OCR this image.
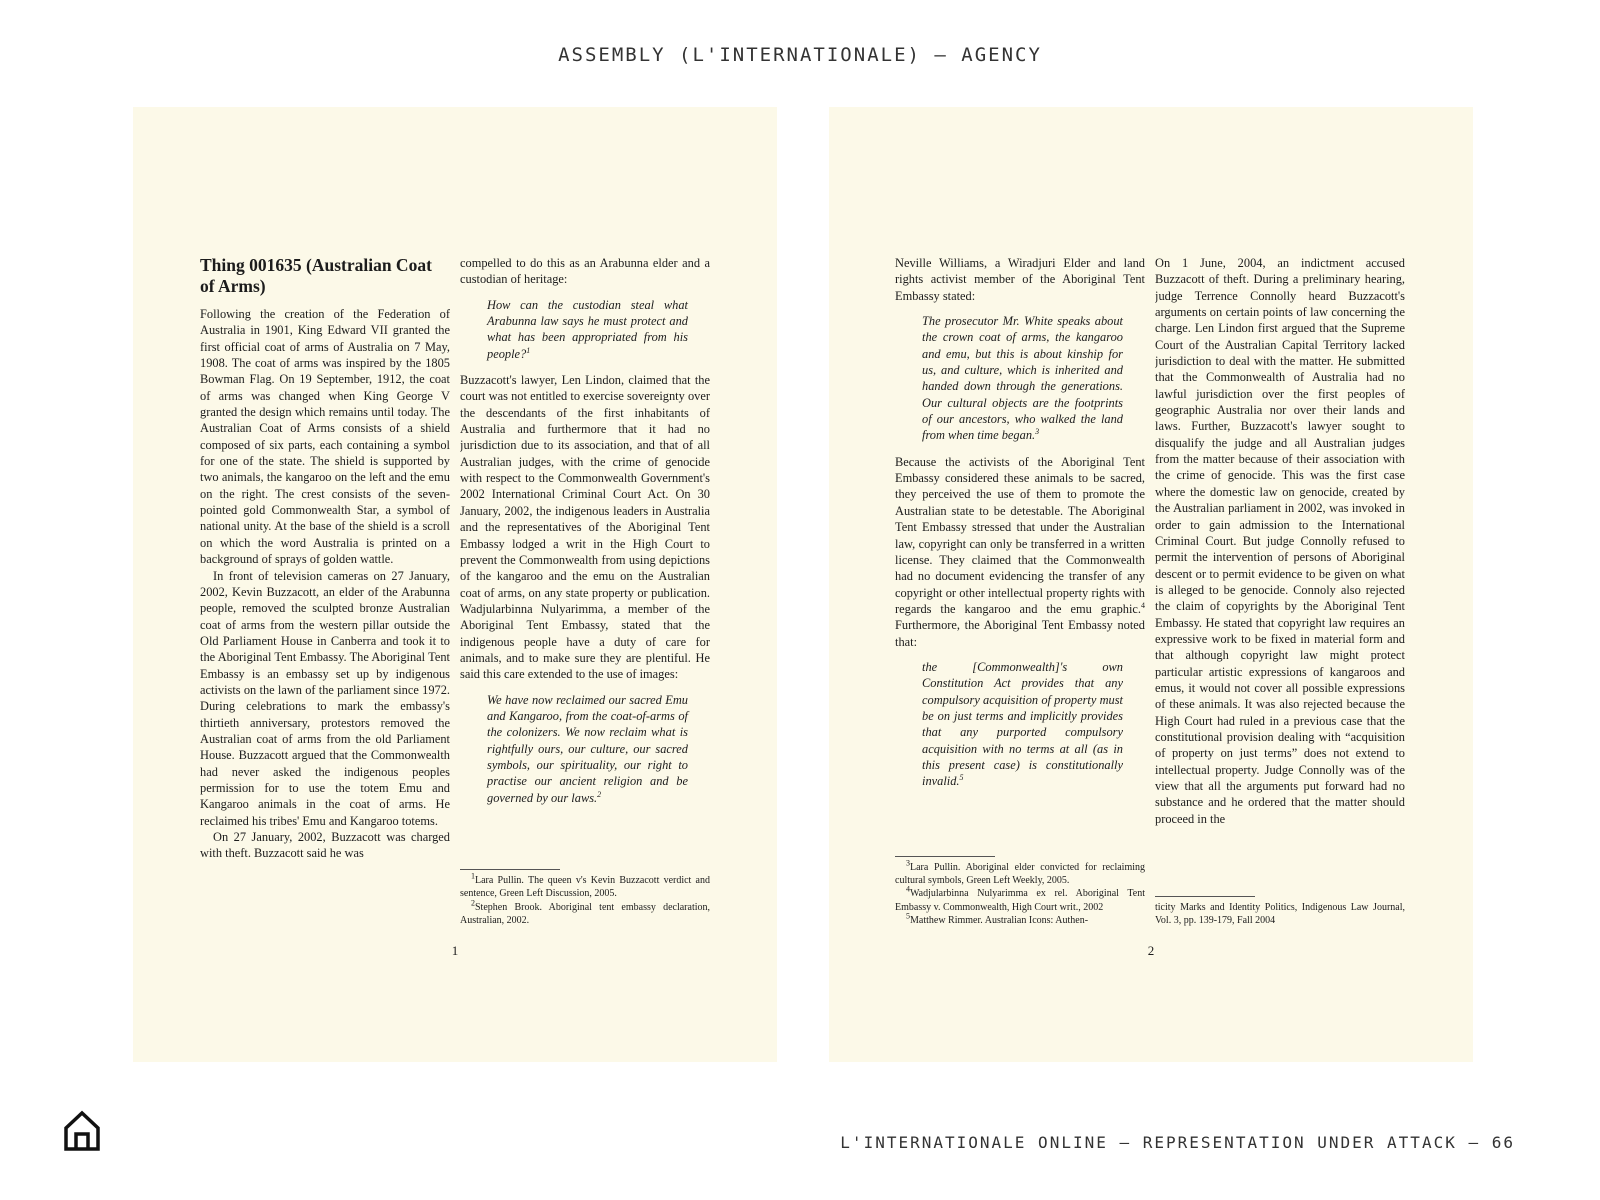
ASSEMBLY (L'INTERNATIONALE) – AGENCY
Thing 001635 (Australian Coat of Arms)

Following the creation of the Federation of Australia in 1901, King Edward VII granted the first official coat of arms of Australia on 7 May, 1908. The coat of arms was inspired by the 1805 Bowman Flag. On 19 September, 1912, the coat of arms was changed when King George V granted the design which remains until today. The Australian Coat of Arms consists of a shield composed of six parts, each containing a symbol for one of the state. The shield is supported by two animals, the kangaroo on the left and the emu on the right. The crest consists of the seven-pointed gold Commonwealth Star, a symbol of national unity. At the base of the shield is a scroll on which the word Australia is printed on a background of sprays of golden wattle.

In front of television cameras on 27 January, 2002, Kevin Buzzacott, an elder of the Arabunna people, removed the sculpted bronze Australian coat of arms from the western pillar outside the Old Parliament House in Canberra and took it to the Aboriginal Tent Embassy. The Aboriginal Tent Embassy is an embassy set up by indigenous activists on the lawn of the parliament since 1972. During celebrations to mark the embassy's thirtieth anniversary, protestors removed the Australian coat of arms from the old Parliament House. Buzzacott argued that the Commonwealth had never asked the indigenous peoples permission for to use the totem Emu and Kangaroo animals in the coat of arms. He reclaimed his tribes' Emu and Kangaroo totems.

On 27 January, 2002, Buzzacott was charged with theft. Buzzacott said he was

compelled to do this as an Arabunna elder and a custodian of heritage:

How can the custodian steal what Arabunna law says he must protect and what has been appropriated from his people?$^1$

Buzzacott's lawyer, Len Lindon, claimed that the court was not entitled to exercise sovereignty over the descendants of the first inhabitants of Australia and furthermore that it had no jurisdiction due to its association, and that of all Australian judges, with the crime of genocide with respect to the Commonwealth Government's 2002 International Criminal Court Act. On 30 January, 2002, the indigenous leaders in Australia and the representatives of the Aboriginal Tent Embassy lodged a writ in the High Court to prevent the Commonwealth from using depictions of the kangaroo and the emu on the Australian coat of arms, on any state property or publication. Wadjularbinna Nulyarimma, a member of the Aboriginal Tent Embassy, stated that the indigenous people have a duty of care for animals, and to make sure they are plentiful. He said this care extended to the use of images:

We have now reclaimed our sacred Emu and Kangaroo, from the coat-of-arms of the colonizers. We now reclaim what is rightfully ours, our culture, our sacred symbols, our spirituality, our right to practise our ancient religion and be governed by our laws.$^2$

$^1$Lara Pullin. The queen v's Kevin Buzzacott verdict and sentence, Green Left Discussion, 2005.

$^2$Stephen Brook. Aboriginal tent embassy declaration, Australian, 2002.

1

Neville Williams, a Wiradjuri Elder and land rights activist member of the Aboriginal Tent Embassy stated:

The prosecutor Mr. White speaks about the crown coat of arms, the kangaroo and emu, but this is about kinship for us, and culture, which is inherited and handed down through the generations. Our cultural objects are the footprints of our ancestors, who walked the land from when time began.$^3$

Because the activists of the Aboriginal Tent Embassy considered these animals to be sacred, they perceived the use of them to promote the Australian state to be detestable. The Aboriginal Tent Embassy stressed that under the Australian law, copyright can only be transferred in a written license. They claimed that the Commonwealth had no document evidencing the transfer of any copyright or other intellectual property rights with regards the kangaroo and the emu graphic.$^4$ Furthermore, the Aboriginal Tent Embassy noted that:

the [Commonwealth]'s own Constitution Act provides that any compulsory acquisition of property must be on just terms and implicitly provides that any purported compulsory acquisition with no terms at all (as in this present case) is constitutionally invalid.$^5$

$^3$Lara Pullin. Aboriginal elder convicted for reclaiming cultural symbols, Green Left Weekly, 2005.

$^4$Wadjularbinna Nulyarimma ex rel. Aboriginal Tent Embassy v. Commonwealth, High Court writ., 2002

$^5$Matthew Rimmer. Australian Icons: Authen-

On 1 June, 2004, an indictment accused Buzzacott of theft. During a preliminary hearing, judge Terrence Connolly heard Buzzacott's arguments on certain points of law concerning the charge. Len Lindon first argued that the Supreme Court of the Australian Capital Territory lacked jurisdiction to deal with the matter. He submitted that the Commonwealth of Australia had no lawful jurisdiction over the first peoples of geographic Australia nor over their lands and laws. Further, Buzzacott's lawyer sought to disqualify the judge and all Australian judges from the matter because of their association with the crime of genocide. This was the first case where the domestic law on genocide, created by the Australian parliament in 2002, was invoked in order to gain admission to the International Criminal Court. But judge Connolly refused to permit the intervention of persons of Aboriginal descent or to permit evidence to be given on what is alleged to be genocide. Connoly also rejected the claim of copyrights by the Aboriginal Tent Embassy. He stated that copyright law requires an expressive work to be fixed in material form and that although copyright law might protect particular artistic expressions of kangaroos and emus, it would not cover all possible expressions of these animals. It was also rejected because the High Court had ruled in a previous case that the constitutional provision dealing with “acquisition of property on just terms” does not extend to intellectual property. Judge Connolly was of the view that all the arguments put forward had no substance and he ordered that the matter should proceed in the

ticity Marks and Identity Politics, Indigenous Law Journal, Vol. 3, pp. 139-179, Fall 2004

2
L'INTERNATIONALE ONLINE – REPRESENTATION UNDER ATTACK – 66
